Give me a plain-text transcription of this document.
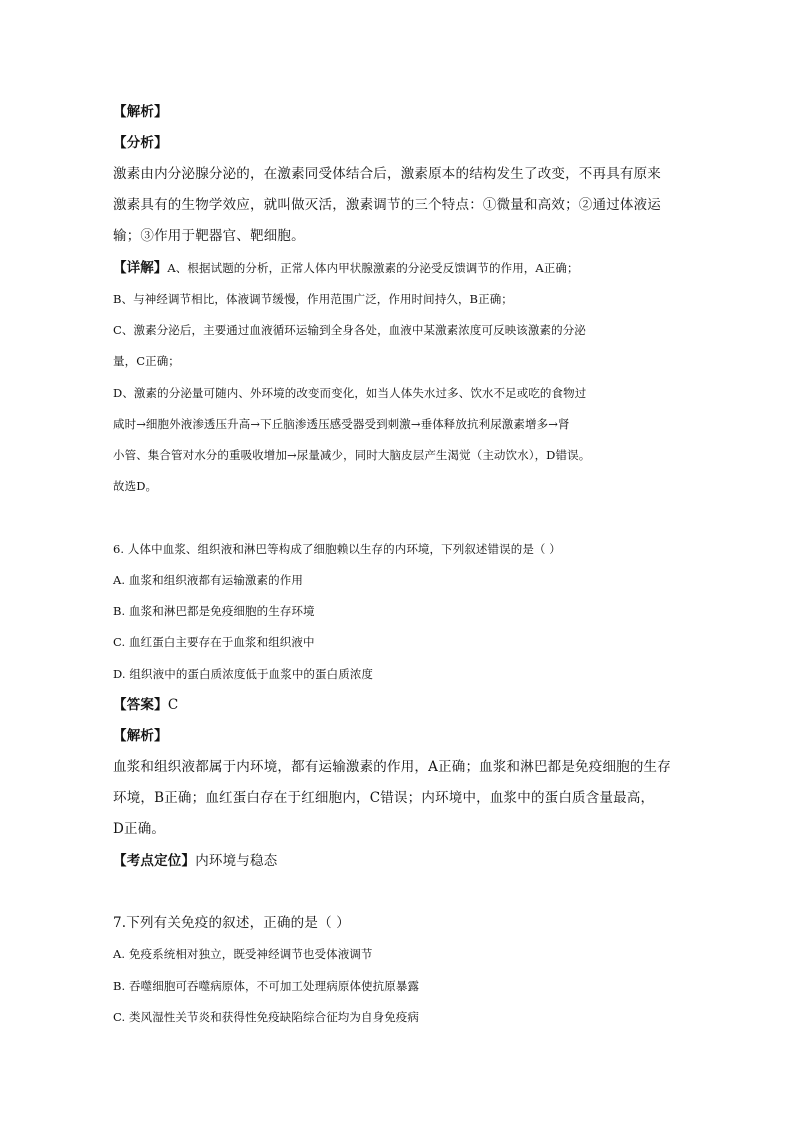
【解析】
【分析】
激素由内分泌腺分泌的，在激素同受体结合后，激素原本的结构发生了改变，不再具有原来
激素具有的生物学效应，就叫做灭活，激素调节的三个特点：①微量和高效；②通过体液运
输；③作用于靶器官、靶细胞。
【详解】A、根据试题的分析，正常人体内甲状腺激素的分泌受反馈调节的作用，A正确；
B、与神经调节相比，体液调节缓慢，作用范围广泛，作用时间持久，B正确；
C、激素分泌后，主要通过血液循环运输到全身各处，血液中某激素浓度可反映该激素的分泌
量，C正确；
D、激素的分泌量可随内、外环境的改变而变化，如当人体失水过多、饮水不足或吃的食物过
咸时→细胞外液渗透压升高→下丘脑渗透压感受器受到刺激→垂体释放抗利尿激素增多→肾
小管、集合管对水分的重吸收增加→尿量减少，同时大脑皮层产生渴觉（主动饮水），D错误。
故选D。
6. 人体中血浆、组织液和淋巴等构成了细胞赖以生存的内环境，下列叙述错误的是（ ）
A. 血浆和组织液都有运输激素的作用
B. 血浆和淋巴都是免疫细胞的生存环境
C. 血红蛋白主要存在于血浆和组织液中
D. 组织液中的蛋白质浓度低于血浆中的蛋白质浓度
【答案】C
【解析】
血浆和组织液都属于内环境，都有运输激素的作用，A正确；血浆和淋巴都是免疫细胞的生存
环境，B正确；血红蛋白存在于红细胞内，C错误；内环境中，血浆中的蛋白质含量最高，
D正确。
【考点定位】内环境与稳态
7.下列有关免疫的叙述，正确的是（ ）
A. 免疫系统相对独立，既受神经调节也受体液调节
B. 吞噬细胞可吞噬病原体，不可加工处理病原体使抗原暴露
C. 类风湿性关节炎和获得性免疫缺陷综合征均为自身免疫病
